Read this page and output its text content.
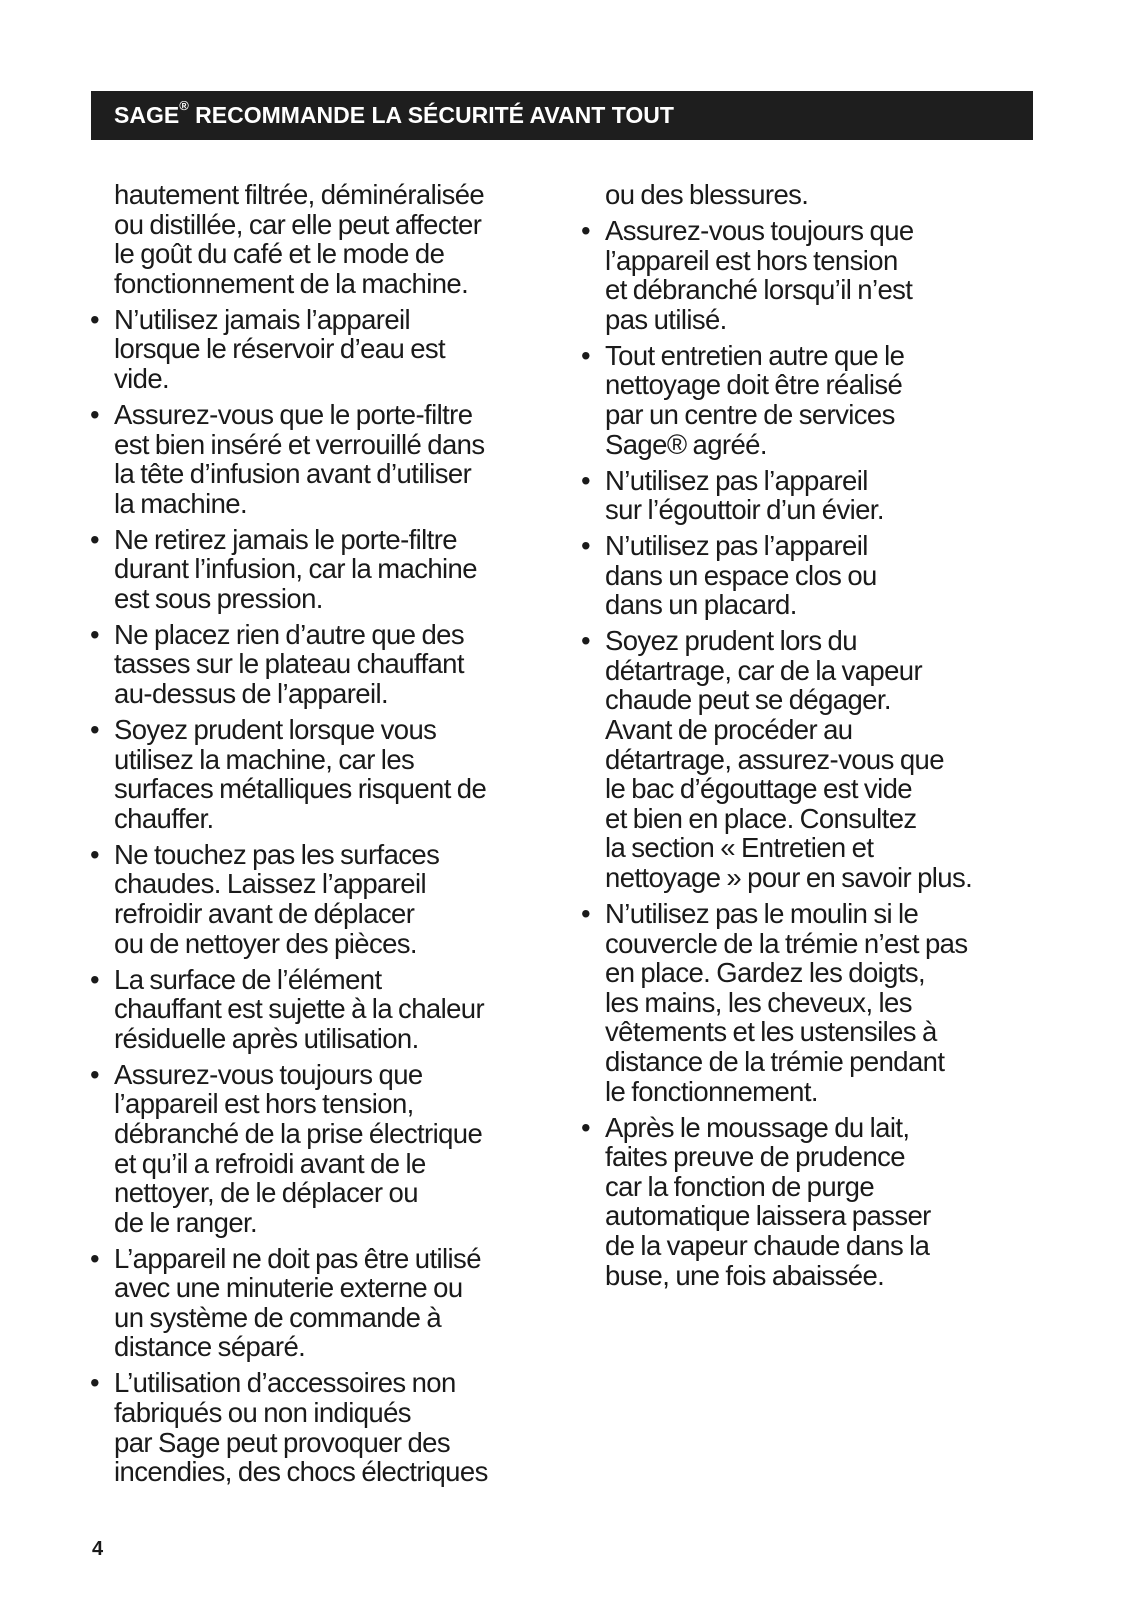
SAGE® RECOMMANDE LA SÉCURITÉ AVANT TOUT
hautement filtrée, déminéralisée
ou distillée, car elle peut affecter
le goût du café et le mode de
fonctionnement de la machine.
• N’utilisez jamais l’appareil
lorsque le réservoir d’eau est
vide.
• Assurez-vous que le porte-filtre
est bien inséré et verrouillé dans
la tête d’infusion avant d’utiliser
la machine.
• Ne retirez jamais le porte-filtre
durant l’infusion, car la machine
est sous pression.
• Ne placez rien d’autre que des
tasses sur le plateau chauffant
au-dessus de l’appareil.
• Soyez prudent lorsque vous
utilisez la machine, car les
surfaces métalliques risquent de
chauffer.
• Ne touchez pas les surfaces
chaudes. Laissez l’appareil
refroidir avant de déplacer
ou de nettoyer des pièces.
• La surface de l’élément
chauffant est sujette à la chaleur
résiduelle après utilisation.
• Assurez-vous toujours que
l’appareil est hors tension,
débranché de la prise électrique
et qu’il a refroidi avant de le
nettoyer, de le déplacer ou
de le ranger.
• L’appareil ne doit pas être utilisé
avec une minuterie externe ou
un système de commande à
distance séparé.
• L’utilisation d’accessoires non
fabriqués ou non indiqués
par Sage peut provoquer des
incendies, des chocs électriques
ou des blessures.
• Assurez-vous toujours que
l’appareil est hors tension
et débranché lorsqu’il n’est
pas utilisé.
• Tout entretien autre que le
nettoyage doit être réalisé
par un centre de services
Sage® agréé.
• N’utilisez pas l’appareil
sur l’égouttoir d’un évier.
• N’utilisez pas l’appareil
dans un espace clos ou
dans un placard.
• Soyez prudent lors du
détartrage, car de la vapeur
chaude peut se dégager.
Avant de procéder au
détartrage, assurez-vous que
le bac d’égouttage est vide
et bien en place. Consultez
la section « Entretien et
nettoyage » pour en savoir plus.
• N’utilisez pas le moulin si le
couvercle de la trémie n’est pas
en place. Gardez les doigts,
les mains, les cheveux, les
vêtements et les ustensiles à
distance de la trémie pendant
le fonctionnement.
• Après le moussage du lait,
faites preuve de prudence
car la fonction de purge
automatique laissera passer
de la vapeur chaude dans la
buse, une fois abaissée.
4
